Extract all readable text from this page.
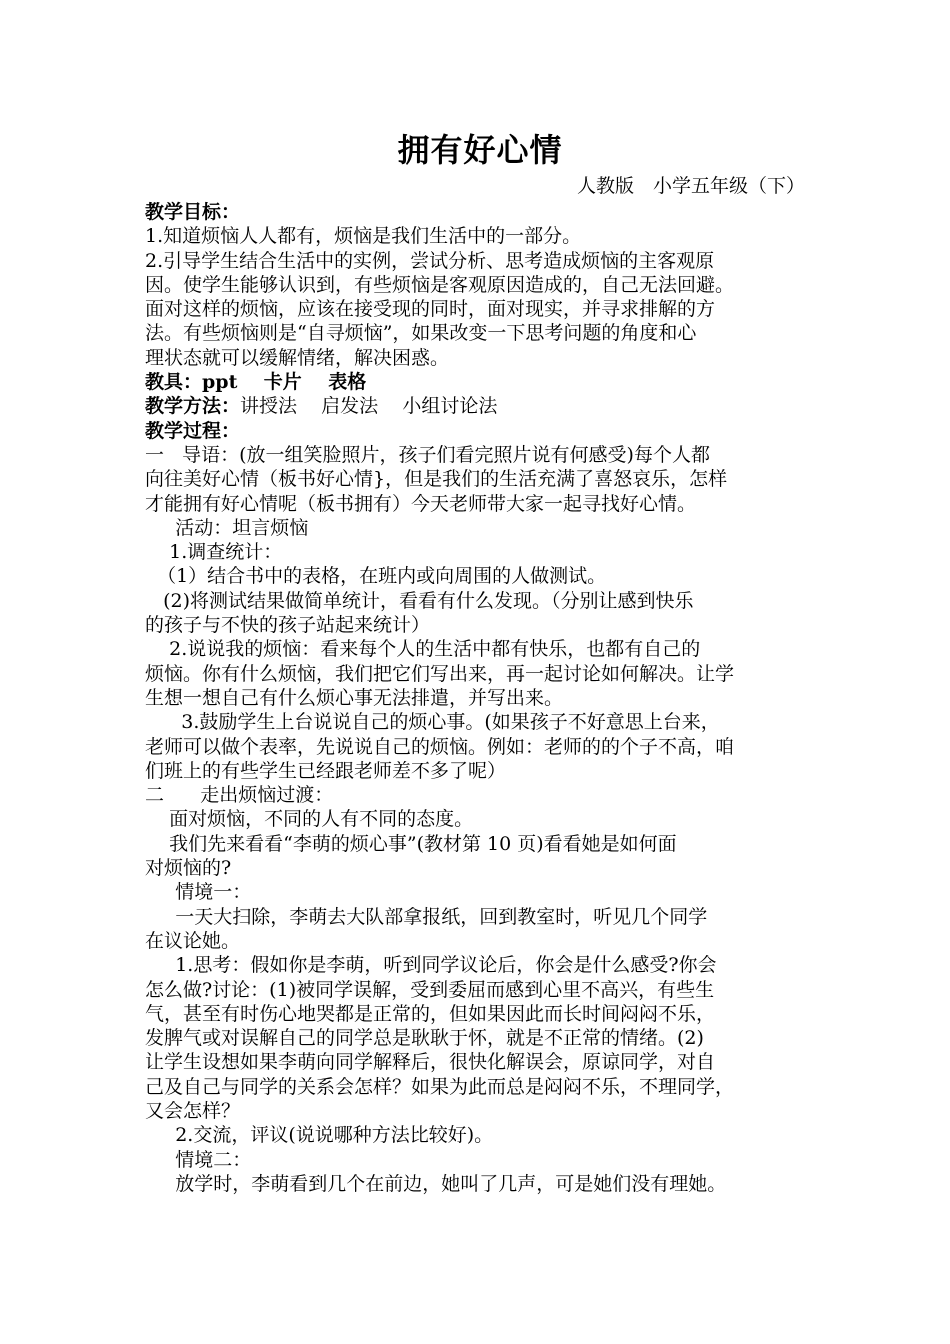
拥有好心情

人教版　小学五年级（下）

教学目标：

1.知道烦恼人人都有，烦恼是我们生活中的一部分。

2.引导学生结合生活中的实例，尝试分析、思考造成烦恼的主客观原

因。使学生能够认识到，有些烦恼是客观原因造成的，自己无法回避。

面对这样的烦恼，应该在接受现的同时，面对现实，并寻求排解的方

法。有些烦恼则是“自寻烦恼”，如果改变一下思考问题的角度和心

理状态就可以缓解情绪，解决困惑。

教具：ppt    卡片    表格

教学方法：讲授法    启发法    小组讨论法

教学过程：

一   导语：(放一组笑脸照片，孩子们看完照片说有何感受)每个人都

向往美好心情（板书好心情}，但是我们的生活充满了喜怒哀乐，怎样

才能拥有好心情呢（板书拥有）今天老师带大家一起寻找好心情。

活动：坦言烦恼

1.调查统计：

（1）结合书中的表格，在班内或向周围的人做测试。

(2)将测试结果做简单统计，看看有什么发现。（分别让感到快乐

的孩子与不快的孩子站起来统计）

2.说说我的烦恼：看来每个人的生活中都有快乐，也都有自己的

烦恼。你有什么烦恼，我们把它们写出来，再一起讨论如何解决。让学

生想一想自己有什么烦心事无法排遣，并写出来。

3.鼓励学生上台说说自己的烦心事。(如果孩子不好意思上台来，

老师可以做个表率，先说说自己的烦恼。例如：老师的的个子不高，咱

们班上的有些学生已经跟老师差不多了呢）

二      走出烦恼过渡：

面对烦恼，不同的人有不同的态度。

我们先来看看“李萌的烦心事”(教材第 10 页)看看她是如何面

对烦恼的?

情境一：

一天大扫除，李萌去大队部拿报纸，回到教室时，听见几个同学

在议论她。

1.思考：假如你是李萌，听到同学议论后，你会是什么感受?你会

怎么做?讨论：(1)被同学误解，受到委屈而感到心里不高兴，有些生

气，甚至有时伤心地哭都是正常的，但如果因此而长时间闷闷不乐，

发脾气或对误解自己的同学总是耿耿于怀，就是不正常的情绪。(2)

让学生设想如果李萌向同学解释后，很快化解误会，原谅同学，对自

己及自己与同学的关系会怎样？如果为此而总是闷闷不乐，不理同学，

又会怎样？

2.交流，评议(说说哪种方法比较好)。

情境二：

放学时，李萌看到几个在前边，她叫了几声，可是她们没有理她。
